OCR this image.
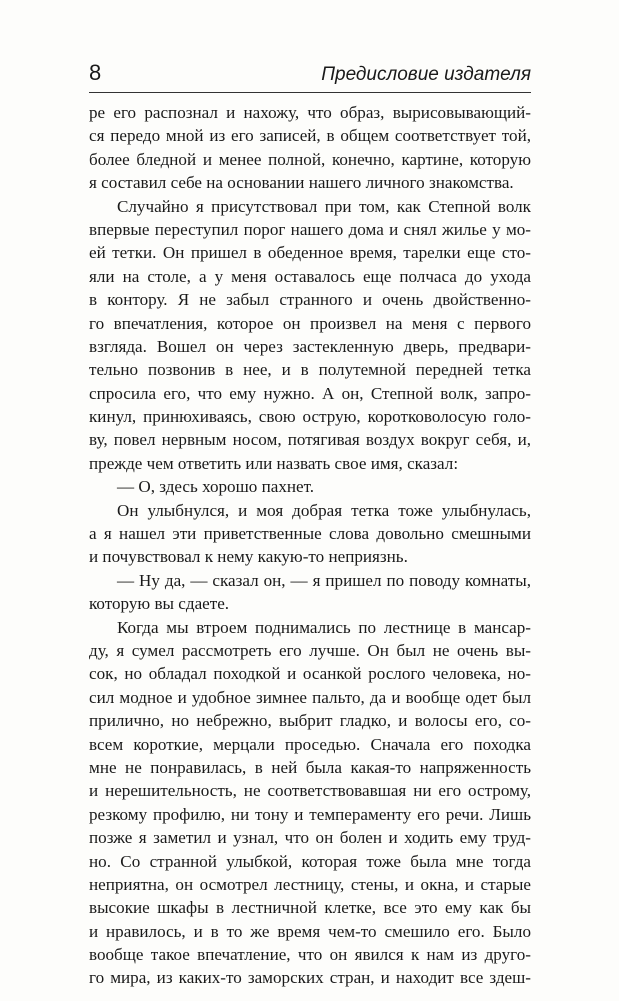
8	Предисловие издателя
ре его распознал и нахожу, что образ, вырисовывающий-
ся передо мной из его записей, в общем соответствует той,
более бледной и менее полной, конечно, картине, которую
я составил себе на основании нашего личного знакомства.
Случайно я присутствовал при том, как Степной волк
впервые переступил порог нашего дома и снял жилье у мо-
ей тетки. Он пришел в обеденное время, тарелки еще сто-
яли на столе, а у меня оставалось еще полчаса до ухода
в контору. Я не забыл странного и очень двойственно-
го впечатления, которое он произвел на меня с первого
взгляда. Вошел он через застекленную дверь, предвари-
тельно позвонив в нее, и в полутемной передней тетка
спросила его, что ему нужно. А он, Степной волк, запро-
кинул, принюхиваясь, свою острую, коротковолосую голо-
ву, повел нервным носом, потягивая воздух вокруг себя, и,
прежде чем ответить или назвать свое имя, сказал:
— О, здесь хорошо пахнет.
Он улыбнулся, и моя добрая тетка тоже улыбнулась,
а я нашел эти приветственные слова довольно смешными
и почувствовал к нему какую-то неприязнь.
— Ну да, — сказал он, — я пришел по поводу комнаты,
которую вы сдаете.
Когда мы втроем поднимались по лестнице в мансар-
ду, я сумел рассмотреть его лучше. Он был не очень вы-
сок, но обладал походкой и осанкой рослого человека, но-
сил модное и удобное зимнее пальто, да и вообще одет был
прилично, но небрежно, выбрит гладко, и волосы его, со-
всем короткие, мерцали проседью. Сначала его походка
мне не понравилась, в ней была какая-то напряженность
и нерешительность, не соответствовавшая ни его острому,
резкому профилю, ни тону и темпераменту его речи. Лишь
позже я заметил и узнал, что он болен и ходить ему труд-
но. Со странной улыбкой, которая тоже была мне тогда
неприятна, он осмотрел лестницу, стены, и окна, и старые
высокие шкафы в лестничной клетке, все это ему как бы
и нравилось, и в то же время чем-то смешило его. Было
вообще такое впечатление, что он явился к нам из друго-
го мира, из каких-то заморских стран, и находит все здеш-
